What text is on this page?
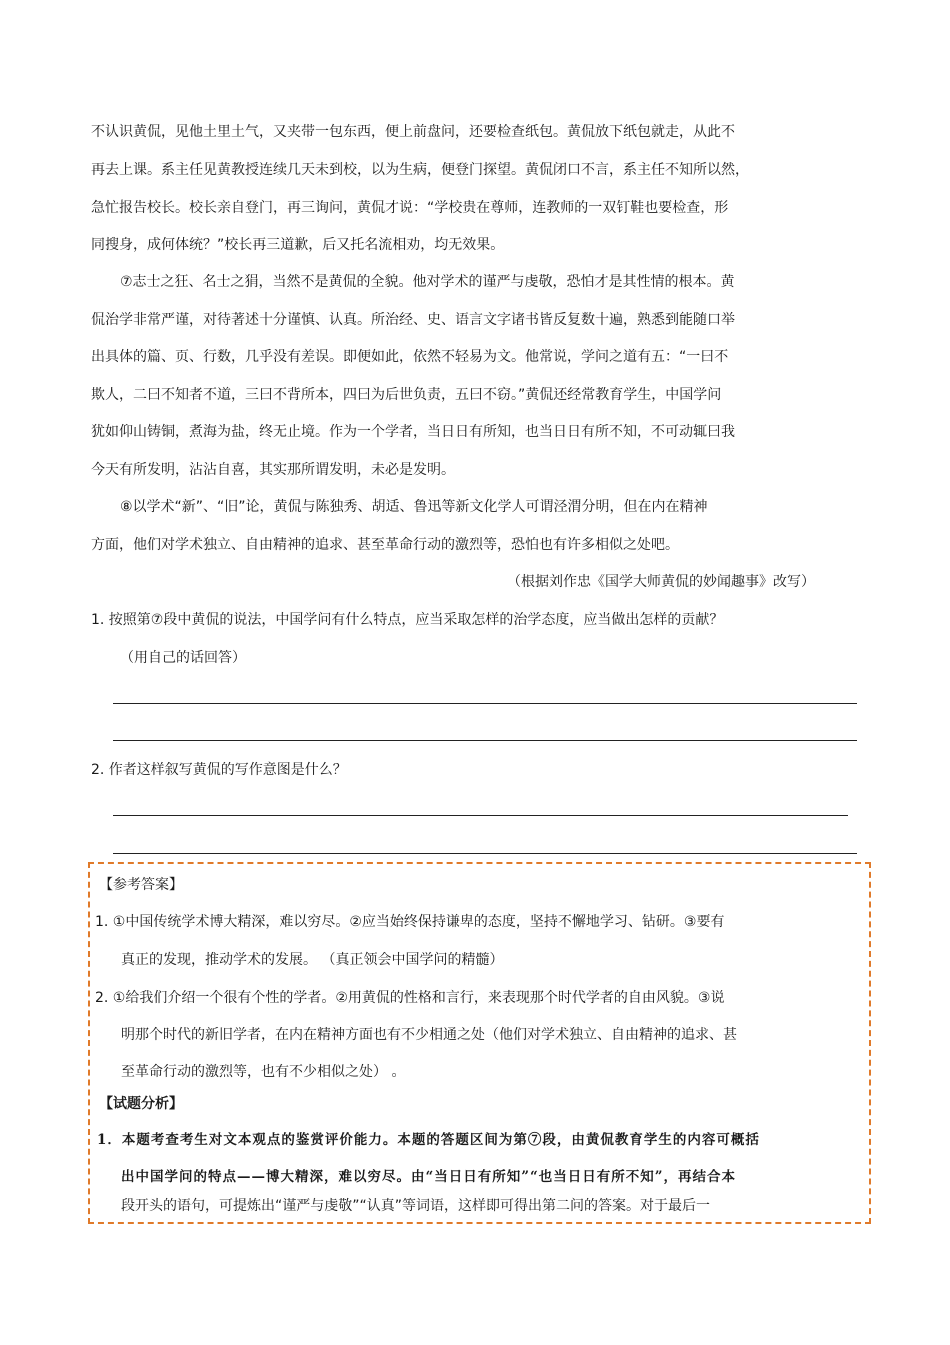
不认识黄侃，见他土里土气，又夹带一包东西，便上前盘问，还要检查纸包。黄侃放下纸包就走，从此不
再去上课。系主任见黄教授连续几天未到校，以为生病，便登门探望。黄侃闭口不言，系主任不知所以然，
急忙报告校长。校长亲自登门，再三询问，黄侃才说：“学校贵在尊师，连教师的一双钉鞋也要检查，形
同搜身，成何体统？”校长再三道歉，后又托名流相劝，均无效果。
⑦志士之狂、名士之狷，当然不是黄侃的全貌。他对学术的谨严与虔敬，恐怕才是其性情的根本。黄
侃治学非常严谨，对待著述十分谨慎、认真。所治经、史、语言文字诸书皆反复数十遍，熟悉到能随口举
出具体的篇、页、行数，几乎没有差误。即便如此，依然不轻易为文。他常说，学问之道有五：“一曰不
欺人，二曰不知者不道，三曰不背所本，四曰为后世负责，五曰不窃。”黄侃还经常教育学生，中国学问
犹如仰山铸铜，煮海为盐，终无止境。作为一个学者，当日日有所知，也当日日有所不知，不可动辄曰我
今天有所发明，沾沾自喜，其实那所谓发明，未必是发明。
⑧以学术“新”、“旧”论，黄侃与陈独秀、胡适、鲁迅等新文化学人可谓泾渭分明，但在内在精神
方面，他们对学术独立、自由精神的追求、甚至革命行动的激烈等，恐怕也有许多相似之处吧。
（根据刘作忠《国学大师黄侃的妙闻趣事》改写）
1. 按照第⑦段中黄侃的说法，中国学问有什么特点，应当采取怎样的治学态度，应当做出怎样的贡献？
（用自己的话回答）
2. 作者这样叙写黄侃的写作意图是什么？
【参考答案】
1. ①中国传统学术博大精深，难以穷尽。②应当始终保持谦卑的态度，坚持不懈地学习、钻研。③要有
真正的发现，推动学术的发展。 （真正领会中国学问的精髓）
2. ①给我们介绍一个很有个性的学者。②用黄侃的性格和言行，来表现那个时代学者的自由风貌。③说
明那个时代的新旧学者，在内在精神方面也有不少相通之处（他们对学术独立、自由精神的追求、甚
至革命行动的激烈等，也有不少相似之处） 。
【试题分析】
1．本题考查考生对文本观点的鉴赏评价能力。本题的答题区间为第⑦段，由黄侃教育学生的内容可概括
出中国学问的特点——博大精深，难以穷尽。由“当日日有所知”“也当日日有所不知”，再结合本
段开头的语句，可提炼出“谨严与虔敬”“认真”等词语，这样即可得出第二问的答案。对于最后一
